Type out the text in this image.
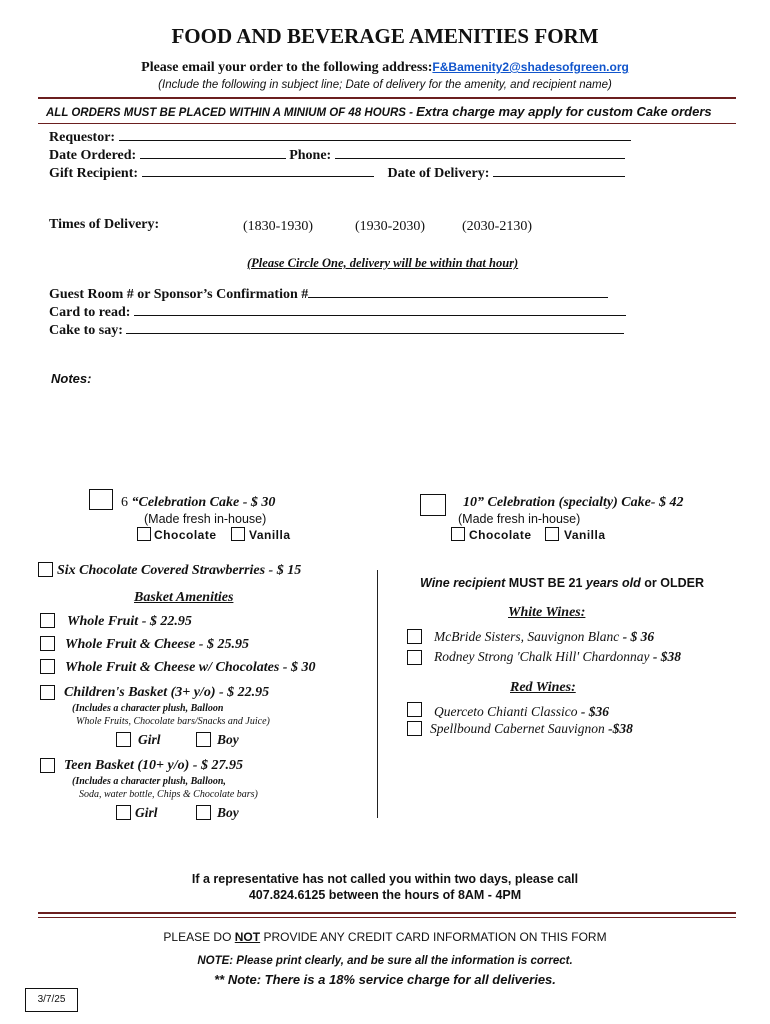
FOOD AND BEVERAGE AMENITIES FORM
Please email your order to the following address:F&Bamenity2@shadesofgreen.org
(Include the following in subject line; Date of delivery for the amenity, and recipient name)
ALL ORDERS MUST BE PLACED WITHIN A MINIUM OF 48 HOURS - Extra charge may apply for custom Cake orders
Requestor:
Date Ordered:	Phone:
Gift Recipient:	Date of Delivery:
Times of Delivery:	(1830-1930)	(1930-2030)	(2030-2130)
(Please Circle One, delivery will be within that hour)
Guest Room # or Sponsor’s Confirmation #
Card to read:
Cake to say:
Notes:
6 “Celebration Cake - $ 30
(Made fresh in-house)
Chocolate	Vanilla
10” Celebration (specialty) Cake- $ 42
(Made fresh in-house)
Chocolate	Vanilla
Six Chocolate Covered Strawberries - $ 15
Basket Amenities
Whole Fruit - $ 22.95
Whole Fruit & Cheese - $ 25.95
Whole Fruit & Cheese w/ Chocolates - $ 30
Children's Basket (3+ y/o) - $ 22.95
(Includes a character plush, Balloon
Whole Fruits, Chocolate bars/Snacks and Juice)
Girl	Boy
Teen Basket (10+ y/o) - $ 27.95
(Includes a character plush, Balloon,
Soda, water bottle, Chips & Chocolate bars)
Girl	Boy
Wine recipient MUST BE 21 years old or OLDER
White Wines:
McBride Sisters, Sauvignon Blanc - $ 36
Rodney Strong 'Chalk Hill' Chardonnay - $38
Red Wines:
Querceto Chianti Classico - $36
Spellbound Cabernet Sauvignon -$38
If a representative has not called you within two days, please call
407.824.6125 between the hours of 8AM - 4PM
PLEASE DO NOT PROVIDE ANY CREDIT CARD INFORMATION ON THIS FORM
NOTE: Please print clearly, and be sure all the information is correct.
** Note: There is a 18% service charge for all deliveries.
3/7/25
